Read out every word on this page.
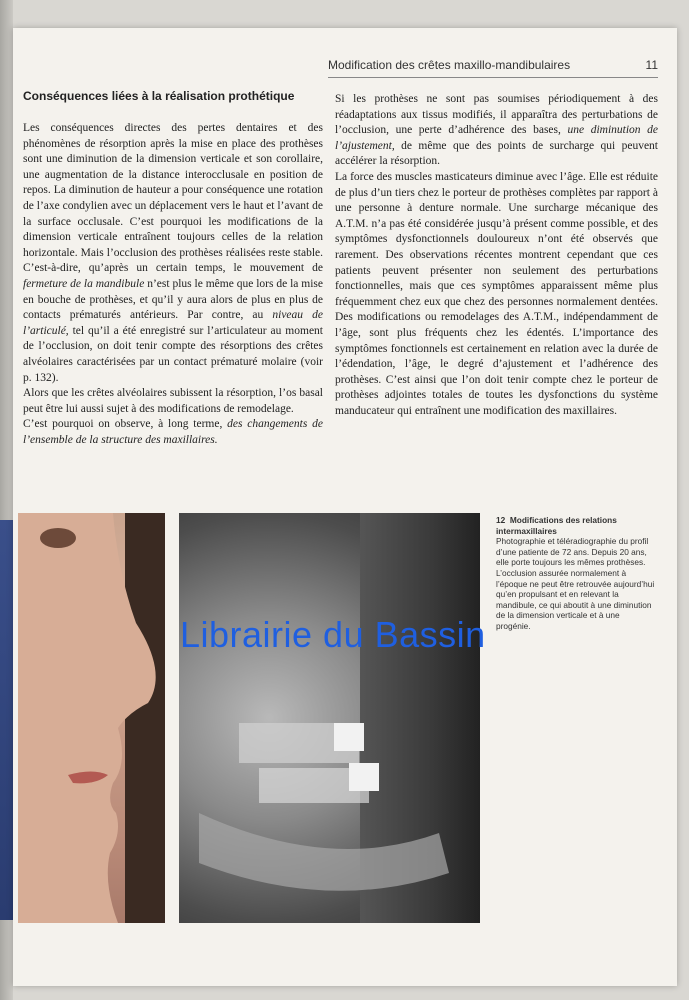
Modification des crêtes maxillo-mandibulaires	11
Conséquences liées à la réalisation prothétique

Les conséquences directes des pertes dentaires et des phénomènes de résorption après la mise en place des prothèses sont une diminution de la dimension verticale et son corollaire, une augmentation de la distance interocclusale en position de repos. La diminution de hauteur a pour conséquence une rotation de l’axe condylien avec un déplacement vers le haut et l’avant de la surface occlusale. C’est pourquoi les modifications de la dimension verticale entraînent toujours celles de la relation horizontale. Mais l’occlusion des prothèses réalisées reste stable. C’est-à-dire, qu’après un certain temps, le mouvement de fermeture de la mandibule n’est plus le même que lors de la mise en bouche de prothèses, et qu’il y aura alors de plus en plus de contacts prématurés antérieurs. Par contre, au niveau de l’articulé, tel qu’il a été enregistré sur l’articulateur au moment de l’occlusion, on doit tenir compte des résorptions des crêtes alvéolaires caractérisées par un contact prématuré molaire (voir p. 132).

Alors que les crêtes alvéolaires subissent la résorption, l’os basal peut être lui aussi sujet à des modifications de remodelage.

C’est pourquoi on observe, à long terme, des changements de l’ensemble de la structure des maxillaires.

Si les prothèses ne sont pas soumises périodiquement à des réadaptations aux tissus modifiés, il apparaîtra des perturbations de l’occlusion, une perte d’adhérence des bases, une diminution de l’ajustement, de même que des points de surcharge qui peuvent accélérer la résorption.

La force des muscles masticateurs diminue avec l’âge. Elle est réduite de plus d’un tiers chez le porteur de prothèses complètes par rapport à une personne à denture normale. Une surcharge mécanique des A.T.M. n’a pas été considérée jusqu’à présent comme possible, et des symptômes dysfonctionnels douloureux n’ont été observés que rarement. Des observations récentes montrent cependant que ces patients peuvent présenter non seulement des perturbations fonctionnelles, mais que ces symptômes apparaissent même plus fréquemment chez eux que chez des personnes normalement dentées. Des modifications ou remodelages des A.T.M., indépendamment de l’âge, sont plus fréquents chez les édentés. L’importance des symptômes fonctionnels est certainement en relation avec la durée de l’édendation, l’âge, le degré d’ajustement et l’adhérence des prothèses. C’est ainsi que l’on doit tenir compte chez le porteur de prothèses adjointes totales de toutes les dysfonctions du système manducateur qui entraînent une modification des maxillaires.

12 Modifications des relations intermaxillaires
Photographie et téléradiographie du profil d’une patiente de 72 ans. Depuis 20 ans, elle porte toujours les mêmes prothèses. L’occlusion assurée normalement à l’époque ne peut être retrouvée aujourd’hui qu’en propulsant et en relevant la mandibule, ce qui aboutit à une diminution de la dimension verticale et à une progénie.
Librairie du Bassin
